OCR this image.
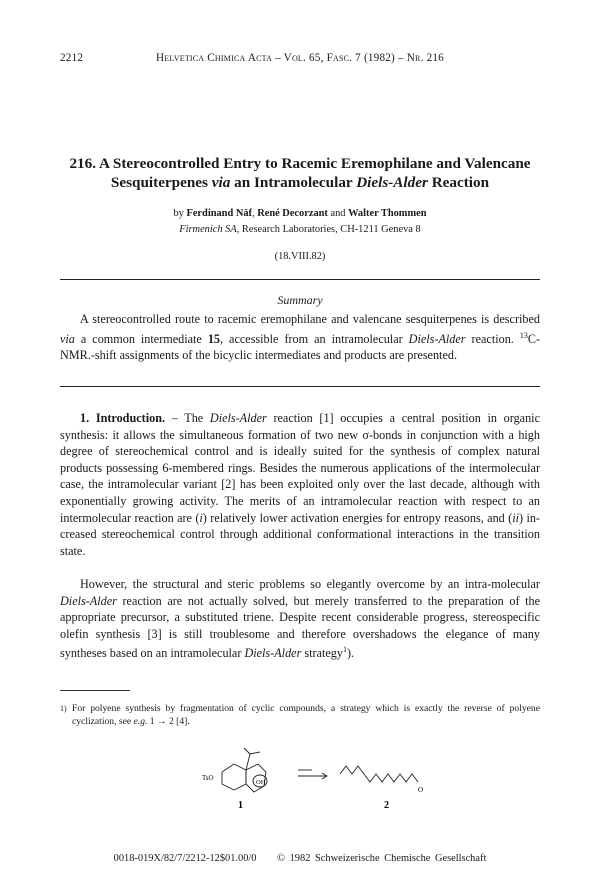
2212	Helvetica Chimica Acta – Vol. 65, Fasc. 7 (1982) – Nr. 216
216. A Stereocontrolled Entry to Racemic Eremophilane and Valencane
Sesquiterpenes via an Intramolecular Diels-Alder Reaction
by Ferdinand Näf, René Decorzant and Walter Thommen
Firmenich SA, Research Laboratories, CH-1211 Geneva 8
(18.VIII.82)
Summary
A stereocontrolled route to racemic eremophilane and valencane sesquiterpenes is described via a common intermediate 15, accessible from an intramolecular Diels-Alder reaction. $^{13}$C-NMR.-shift assignments of the bicyclic intermediates and products are presented.
1. Introduction. – The Diels-Alder reaction [1] occupies a central position in organic synthesis: it allows the simultaneous formation of two new σ-bonds in conjunction with a high degree of stereochemical control and is ideally suited for the synthesis of complex natural products possessing 6-membered rings. Besides the numerous applications of the intermolecular case, the intramolecular variant [2] has been exploited only over the last decade, although with exponentially growing activity. The merits of an intramolecular reaction with respect to an intermolecular reaction are (i) relatively lower activation energies for entropy reasons, and (ii) in-creased stereochemical control through additional conformational interactions in the transition state.
However, the structural and steric problems so elegantly overcome by an intra-molecular Diels-Alder reaction are not actually solved, but merely transferred to the preparation of the appropriate precursor, a substituted triene. Despite recent considerable progress, stereospecific olefin synthesis [3] is still troublesome and therefore overshadows the elegance of many syntheses based on an intramolecular Diels-Alder strategy$^1$).
1) For polyene synthesis by fragmentation of cyclic compounds, a strategy which is exactly the reverse of polyene cyclization, see e.g. 1 → 2 [4].
TsO
OH
1
O
2
0018-019X/82/7/2212-12$01.00/0 © 1982 Schweizerische Chemische Gesellschaft
